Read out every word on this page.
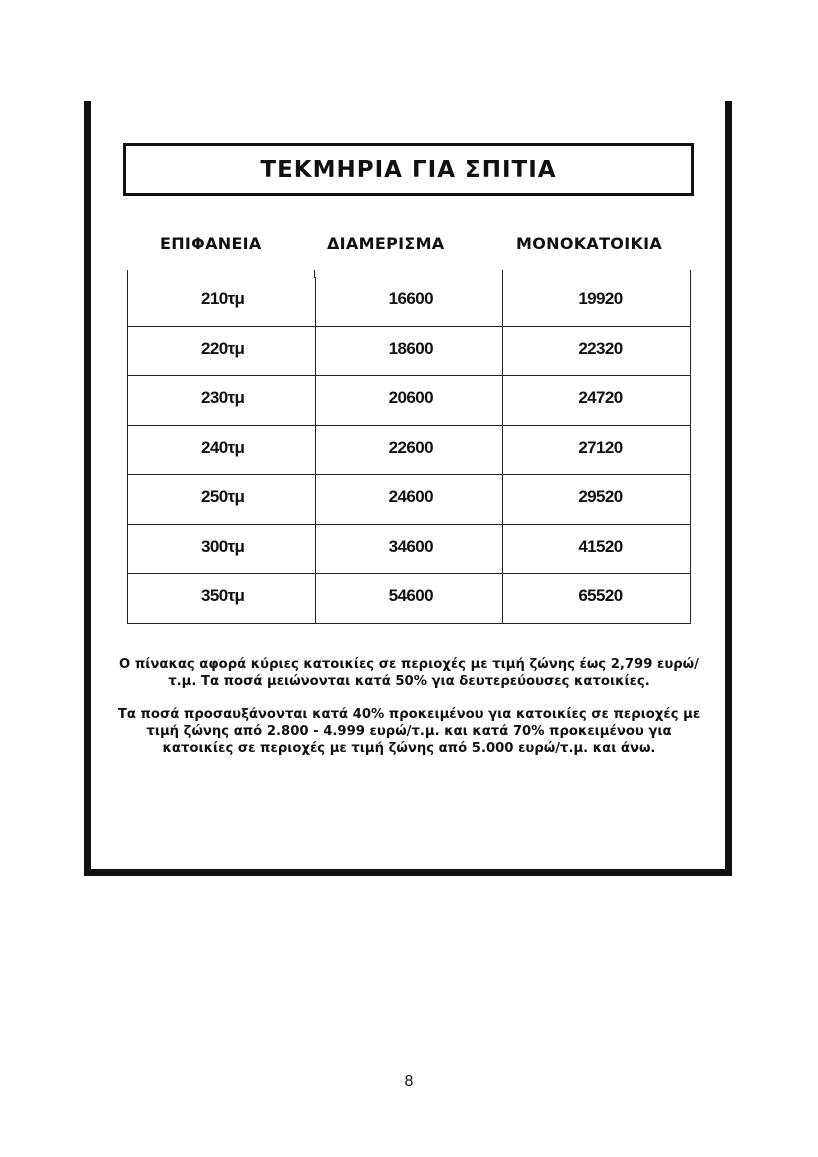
ΤΕΚΜΗΡΙΑ ΓΙΑ ΣΠΙΤΙΑ
ΕΠΙΦΑΝΕΙΑ	ΔΙΑΜΕΡΙΣΜΑ	ΜΟΝΟΚΑΤΟΙΚΙΑ
210τμ	16600	19920
220τμ	18600	22320
230τμ	20600	24720
240τμ	22600	27120
250τμ	24600	29520
300τμ	34600	41520
350τμ	54600	65520
Ο πίνακας αφορά κύριες κατοικίες σε περιοχές με τιμή ζώνης έως 2,799 ευρώ/τ.μ. Τα ποσά μειώνονται κατά 50% για δευτερεύουσες κατοικίες.
Τα ποσά προσαυξάνονται κατά 40% προκειμένου για κατοικίες σε περιοχές με τιμή ζώνης από 2.800 - 4.999 ευρώ/τ.μ. και κατά 70% προκειμένου για κατοικίες σε περιοχές με τιμή ζώνης από 5.000 ευρώ/τ.μ. και άνω.
8
